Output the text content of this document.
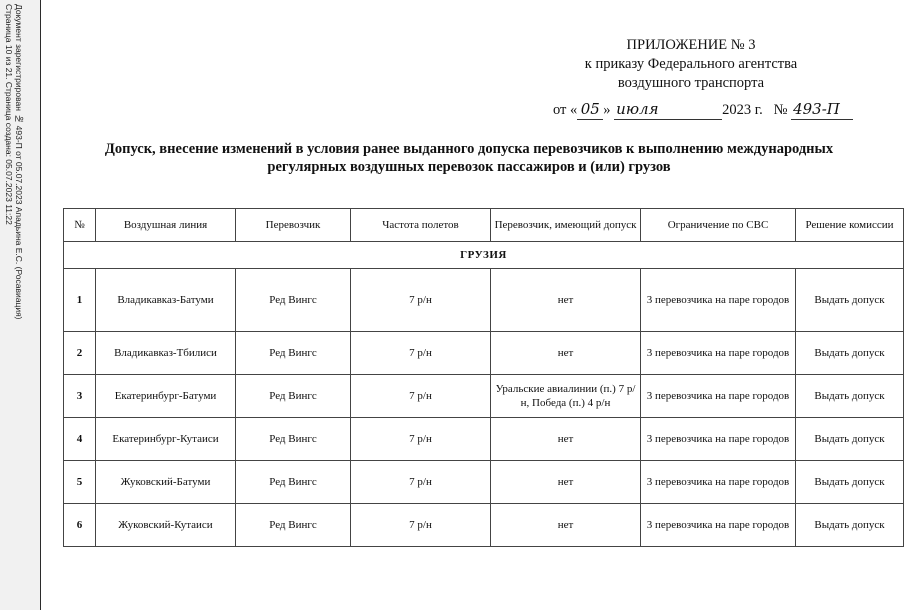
Документ зарегистрирован № 493-П от 05.07.2023 Ападьина Е.С. (Росавиация)
Страница 10 из 21. Страница создана: 05.07.2023 11:22	ПРИЛОЖЕНИЕ № 3
к приказу Федерального агентства
воздушного транспорта
от « 05 » июля	2023 г. № 493-П
Допуск, внесение изменений в условия ранее выданного допуска перевозчиков к выполнению международных регулярных воздушных перевозок пассажиров и (или) грузов
№	Воздушная линия	Перевозчик	Частота полетов	Перевозчик, имеющий допуск	Ограничение по СВС	Решение комиссии
ГРУЗИЯ						
1	Владикавказ-Батуми	Ред Вингс	7 р/н	нет	3 перевозчика на паре городов	Выдать допуск
2	Владикавказ-Тбилиси	Ред Вингс	7 р/н	нет	3 перевозчика на паре городов	Выдать допуск
3	Екатеринбург-Батуми	Ред Вингс	7 р/н	Уральские авиалинии (п.) 7 р/н, Победа (п.) 4 р/н	3 перевозчика на паре городов	Выдать допуск
4	Екатеринбург-Кутаиси	Ред Вингс	7 р/н	нет	3 перевозчика на паре городов	Выдать допуск
5	Жуковский-Батуми	Ред Вингс	7 р/н	нет	3 перевозчика на паре городов	Выдать допуск
6	Жуковский-Кутаиси	Ред Вингс	7 р/н	нет	3 перевозчика на паре городов	Выдать допуск
